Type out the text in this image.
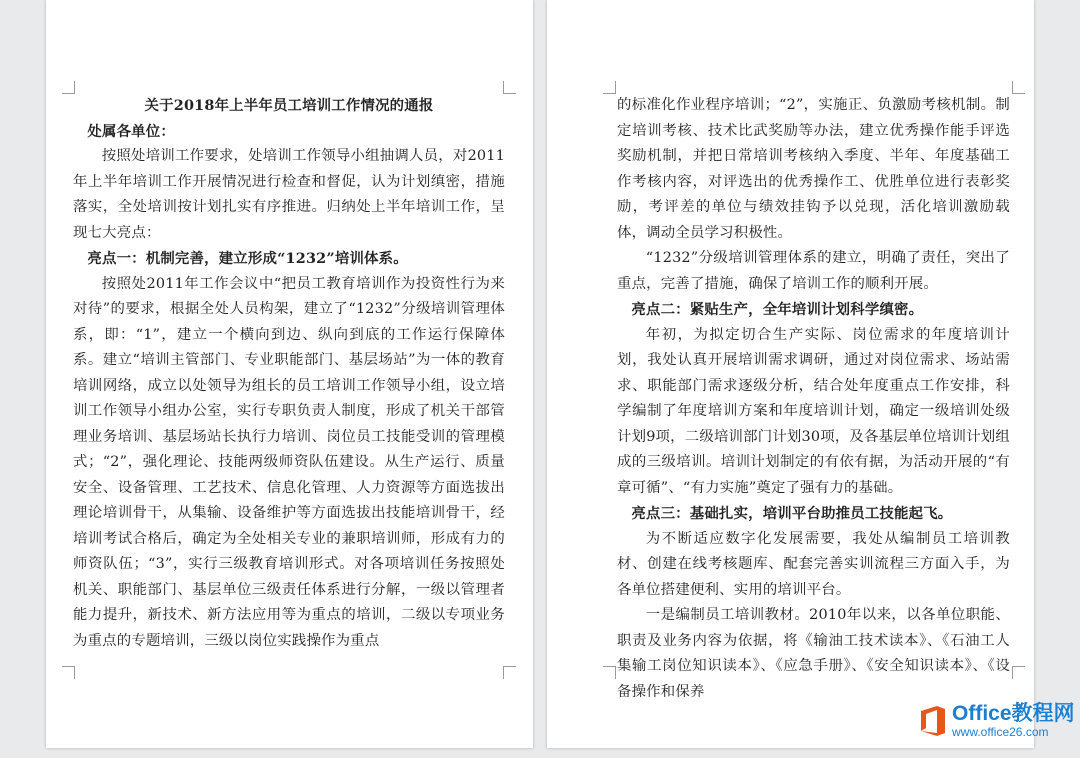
关于2018年上半年员工培训工作情况的通报

处属各单位：

按照处培训工作要求，处培训工作领导小组抽调人员，对2011年上半年培训工作开展情况进行检查和督促，认为计划缜密，措施落实，全处培训按计划扎实有序推进。归纳处上半年培训工作，呈现七大亮点：

亮点一：机制完善，建立形成“1232”培训体系。

按照处2011年工作会议中“把员工教育培训作为投资性行为来对待”的要求，根据全处人员构架，建立了“1232”分级培训管理体系，即：“1”，建立一个横向到边、纵向到底的工作运行保障体系。建立“培训主管部门、专业职能部门、基层场站”为一体的教育培训网络，成立以处领导为组长的员工培训工作领导小组，设立培训工作领导小组办公室，实行专职负责人制度，形成了机关干部管理业务培训、基层场站长执行力培训、岗位员工技能受训的管理模式；“2”，强化理论、技能两级师资队伍建设。从生产运行、质量安全、设备管理、工艺技术、信息化管理、人力资源等方面选拔出理论培训骨干，从集输、设备维护等方面选拔出技能培训骨干，经培训考试合格后，确定为全处相关专业的兼职培训师，形成有力的师资队伍；“3”，实行三级教育培训形式。对各项培训任务按照处机关、职能部门、基层单位三级责任体系进行分解，一级以管理者能力提升，新技术、新方法应用等为重点的培训，二级以专项业务为重点的专题培训，三级以岗位实践操作为重点

的标准化作业程序培训；“2”，实施正、负激励考核机制。制定培训考核、技术比武奖励等办法，建立优秀操作能手评选奖励机制，并把日常培训考核纳入季度、半年、年度基础工作考核内容，对评选出的优秀操作工、优胜单位进行表彰奖励，考评差的单位与绩效挂钩予以兑现，活化培训激励载体，调动全员学习积极性。

“1232”分级培训管理体系的建立，明确了责任，突出了重点，完善了措施，确保了培训工作的顺利开展。

亮点二：紧贴生产，全年培训计划科学缜密。

年初，为拟定切合生产实际、岗位需求的年度培训计划，我处认真开展培训需求调研，通过对岗位需求、场站需求、职能部门需求逐级分析，结合处年度重点工作安排，科学编制了年度培训方案和年度培训计划，确定一级培训处级计划9项，二级培训部门计划30项，及各基层单位培训计划组成的三级培训。培训计划制定的有依有据，为活动开展的“有章可循”、“有力实施”奠定了强有力的基础。

亮点三：基础扎实，培训平台助推员工技能起飞。

为不断适应数字化发展需要，我处从编制员工培训教材、创建在线考核题库、配套完善实训流程三方面入手，为各单位搭建便利、实用的培训平台。

一是编制员工培训教材。2010年以来，以各单位职能、职责及业务内容为依据，将《输油工技术读本》、《石油工人集输工岗位知识读本》、《应急手册》、《安全知识读本》、《设备操作和保养

Office教程网
www.office26.com
